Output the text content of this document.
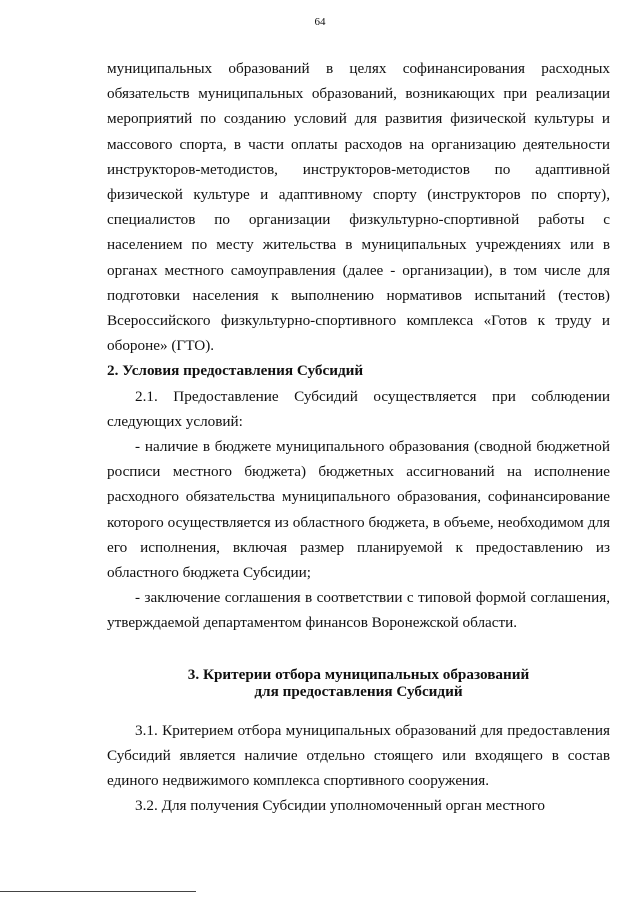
64

муниципальных образований в целях софинансирования расходных обязательств муниципальных образований, возникающих при реализации мероприятий по созданию условий для развития физической культуры и массового спорта, в части оплаты расходов на организацию деятельности инструкторов-методистов, инструкторов-методистов по адаптивной физической культуре и адаптивному спорту (инструкторов по спорту), специалистов по организации физкультурно-спортивной работы с населением по месту жительства в муниципальных учреждениях или в органах местного самоуправления (далее - организации), в том числе для подготовки населения к выполнению нормативов испытаний (тестов) Всероссийского физкультурно-спортивного комплекса «Готов к труду и обороне» (ГТО).

2. Условия предоставления Субсидий

2.1. Предоставление Субсидий осуществляется при соблюдении следующих условий:

- наличие в бюджете муниципального образования (сводной бюджетной росписи местного бюджета) бюджетных ассигнований на исполнение расходного обязательства муниципального образования, софинансирование которого осуществляется из областного бюджета, в объеме, необходимом для его исполнения, включая размер планируемой к предоставлению из областного бюджета Субсидии;

- заключение соглашения в соответствии с типовой формой соглашения, утверждаемой департаментом финансов Воронежской области.

3. Критерии отбора муниципальных образований
для предоставления Субсидий

3.1. Критерием отбора муниципальных образований для предоставления Субсидий является наличие отдельно стоящего или входящего в состав единого недвижимого комплекса спортивного сооружения.

3.2. Для получения Субсидии уполномоченный орган местного
